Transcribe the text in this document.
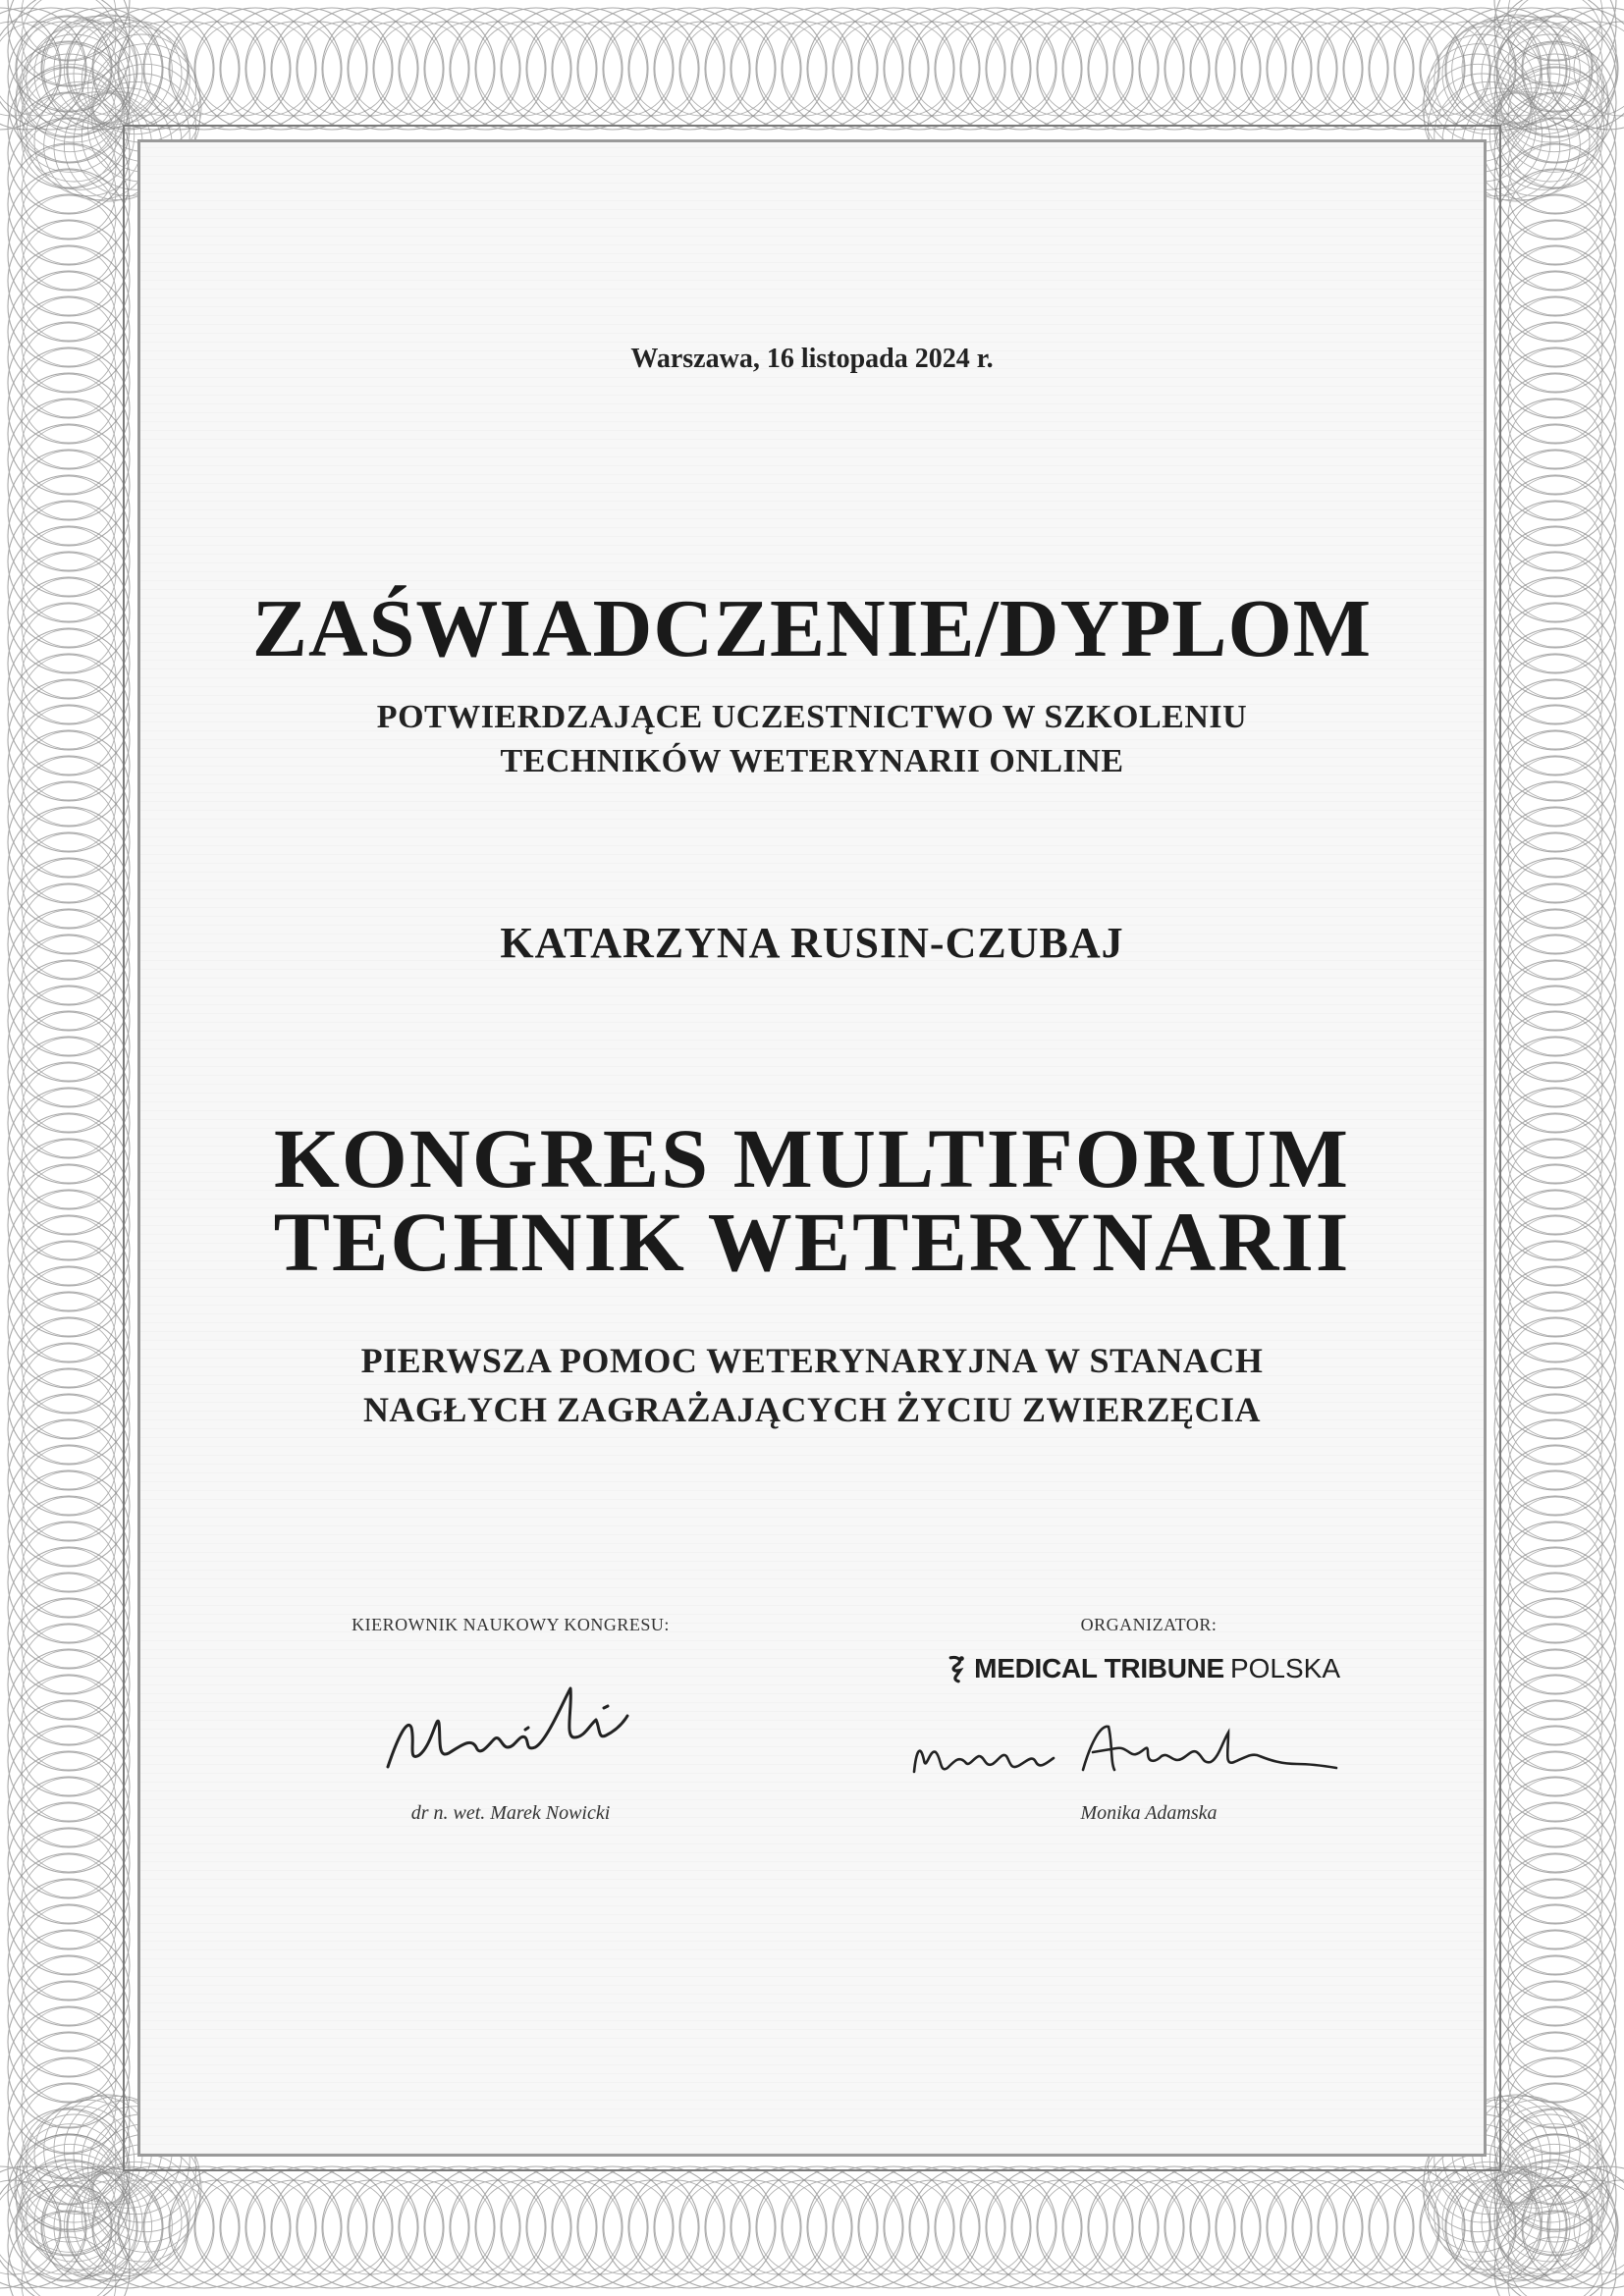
Warszawa, 16 listopada 2024 r.
ZAŚWIADCZENIE/DYPLOM
POTWIERDZAJĄCE UCZESTNICTWO W SZKOLENIU
TECHNIKÓW WETERYNARII ONLINE
KATARZYNA RUSIN-CZUBAJ
KONGRES MULTIFORUM
TECHNIK WETERYNARII
PIERWSZA POMOC WETERYNARYJNA W STANACH
NAGŁYCH ZAGRAŻAJĄCYCH ŻYCIU ZWIERZĘCIA
KIEROWNIK NAUKOWY KONGRESU:	ORGANIZATOR:
MEDICAL TRIBUNE POLSKA
dr n. wet. Marek Nowicki	Monika Adamska
